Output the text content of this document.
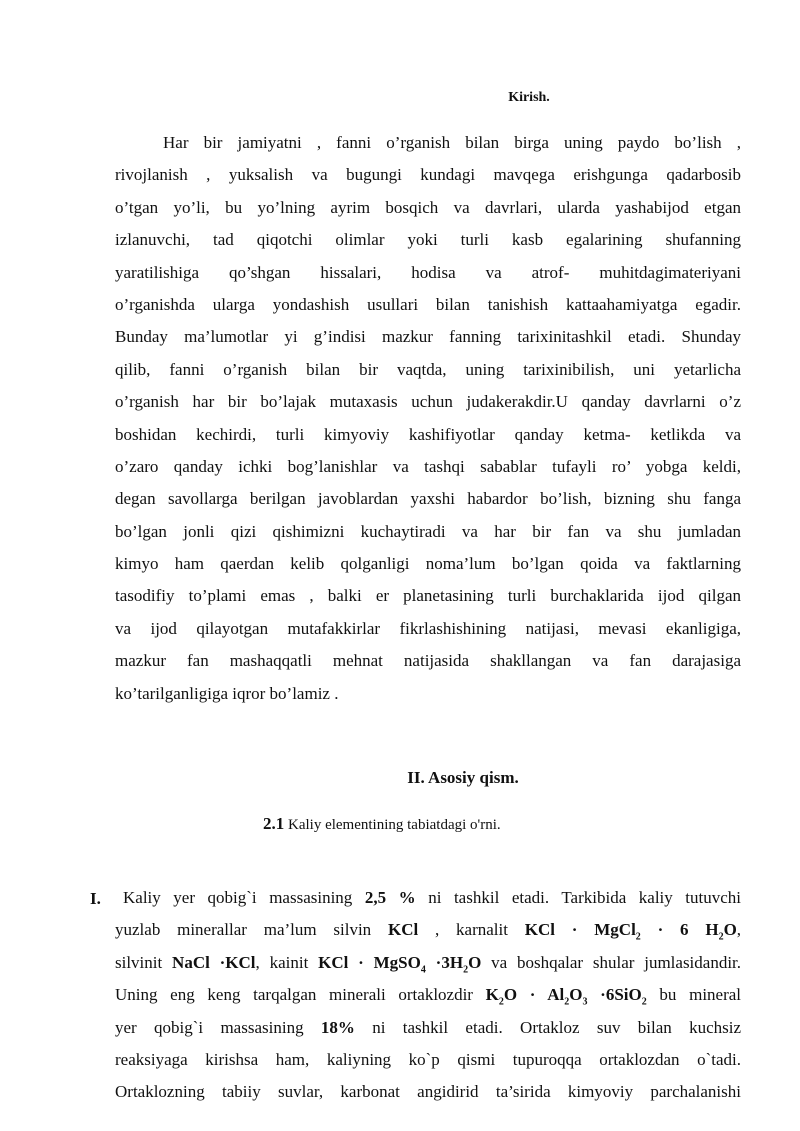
Kirish.
Har bir jamiyatni , fanni o’rganish bilan birga uning paydo bo’lish ,
rivojlanish , yuksalish va bugungi kundagi mavqega erishgunga qadarbosib
o’tgan yo’li, bu yo’lning ayrim bosqich va davrlari, ularda yashabijod etgan
izlanuvchi, tad qiqotchi olimlar yoki turli kasb egalarining shufanning
yaratilishiga qo’shgan hissalari, hodisa va atrof- muhitdagimateriyani
o’rganishda ularga yondashish usullari bilan tanishish kattaahamiyatga egadir.
Bunday ma’lumotlar yi g’indisi mazkur fanning tarixinitashkil etadi. Shunday
qilib, fanni o’rganish bilan bir vaqtda, uning tarixinibilish, uni yetarlicha
o’rganish har bir bo’lajak mutaxasis uchun judakerakdir.U qanday davrlarni o’z
boshidan kechirdi, turli kimyoviy kashifiyotlar qanday ketma- ketlikda va
o’zaro qanday ichki bog’lanishlar va tashqi sabablar tufayli ro’ yobga keldi,
degan savollarga berilgan javoblardan yaxshi habardor bo’lish, bizning shu fanga
bo’lgan jonli qizi qishimizni kuchaytiradi va har bir fan va shu jumladan
kimyo ham qaerdan kelib qolganligi noma’lum bo’lgan qoida va faktlarning
tasodifiy to’plami emas , balki er planetasining turli burchaklarida ijod qilgan
va ijod qilayotgan mutafakkirlar fikrlashishining natijasi, mevasi ekanligiga,
mazkur fan mashaqqatli mehnat natijasida shakllangan va fan darajasiga
ko’tarilganligiga iqror bo’lamiz .
II. Asosiy qism.
2.1 Kaliy elementining tabiatdagi o'rni.
I.	Kaliy yer qobig`i massasining 2,5 % ni tashkil etadi. Tarkibida kaliy tutuvchi
yuzlab minerallar ma’lum silvin KCl , karnalit KCl · MgCl$_2$ · 6 $H_2O$,
silvinit NaCl ·KCl, kainit KCl · MgSO$_4$ $\cdot 3H_2O$ va boshqalar shular jumlasidandir.
Uning eng keng tarqalgan minerali ortaklozdir $K_2O \cdot Al_2O_3 \cdot 6SiO_2$ bu mineral
yer qobig`i massasining 18% ni tashkil etadi. Ortakloz suv bilan kuchsiz
reaksiyaga kirishsa ham, kaliyning ko`p qismi tupuroqqa ortaklozdan o`tadi.
Ortaklozning tabiiy suvlar, karbonat angidirid ta’sirida kimyoviy parchalanishi
